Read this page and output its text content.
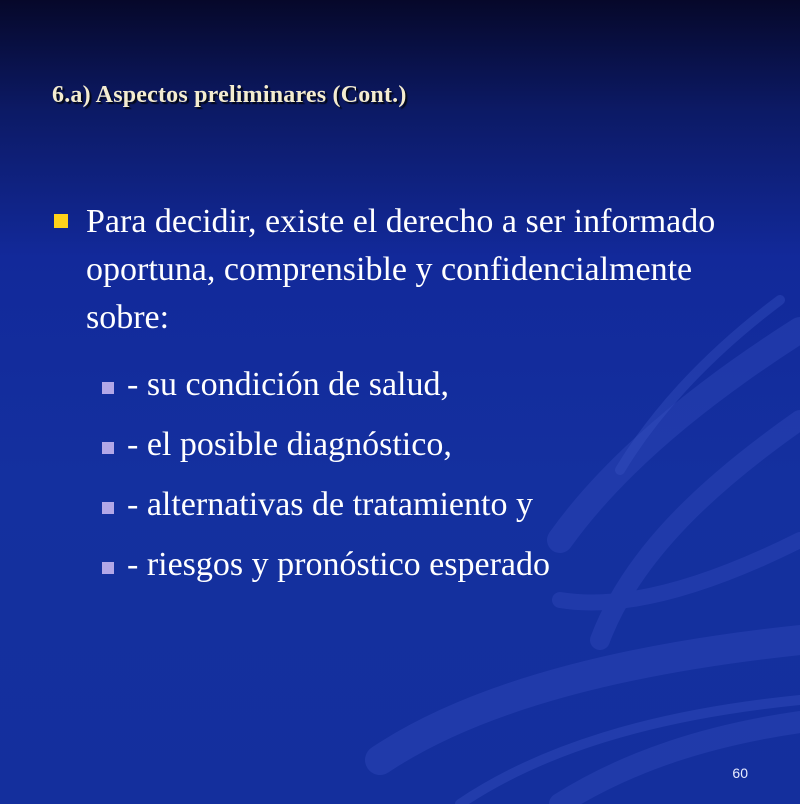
6.a) Aspectos preliminares (Cont.)
Para decidir, existe el derecho a ser informado oportuna, comprensible y confidencialmente sobre:
- su condición de salud,
- el posible diagnóstico,
- alternativas de tratamiento y
- riesgos y pronóstico esperado
60
